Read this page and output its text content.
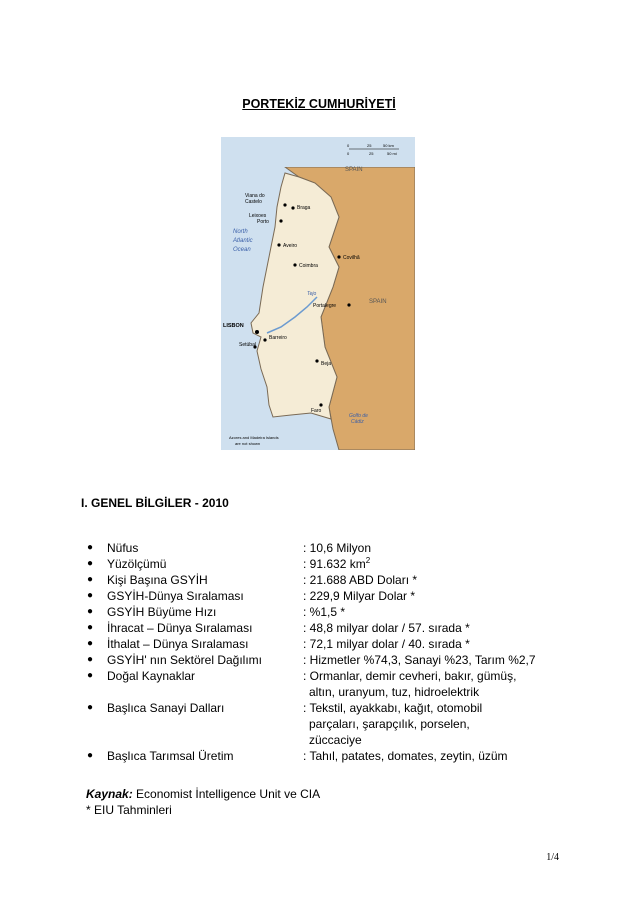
PORTEKİZ CUMHURİYETİ
SPAIN
SPAIN
North
Atlantic
Ocean
Viana do
Castelo
Braga
Leixoes
Porto
Aveiro
Covilhã
Coimbra
Portalegre
LISBON
Barreiro
Setúbal
Beja
Faro
Tejo
Golfo de
Cádiz
0	25	50 km
0	25	50 mi
Azores and Madeira Islands
are not shown
I. GENEL BİLGİLER - 2010
●	Nüfus	: 10,6 Milyon
●	Yüzölçümü	: 91.632 $km^2$
●	Kişi Başına GSYİH	: 21.688 ABD Doları *
●	GSYİH-Dünya Sıralaması	: 229,9 Milyar Dolar *
●	GSYİH Büyüme Hızı	: %1,5 *
●	İhracat – Dünya Sıralaması	: 48,8 milyar dolar / 57. sırada *
●	İthalat – Dünya Sıralaması	: 72,1 milyar dolar / 40. sırada *
●	GSYİH' nın Sektörel Dağılımı	: Hizmetler %74,3, Sanayi %23, Tarım %2,7
●	Doğal Kaynaklar	: Ormanlar, demir cevheri, bakır, gümüş,
altın, uranyum, tuz, hidroelektrik
●	Başlıca Sanayi Dalları	: Tekstil, ayakkabı, kağıt, otomobil
parçaları, şarapçılık, porselen,
züccaciye
●	Başlıca Tarımsal Üretim	: Tahıl, patates, domates, zeytin, üzüm
Kaynak: Economist İntelligence Unit ve CIA
* EIU Tahminleri
1/4
